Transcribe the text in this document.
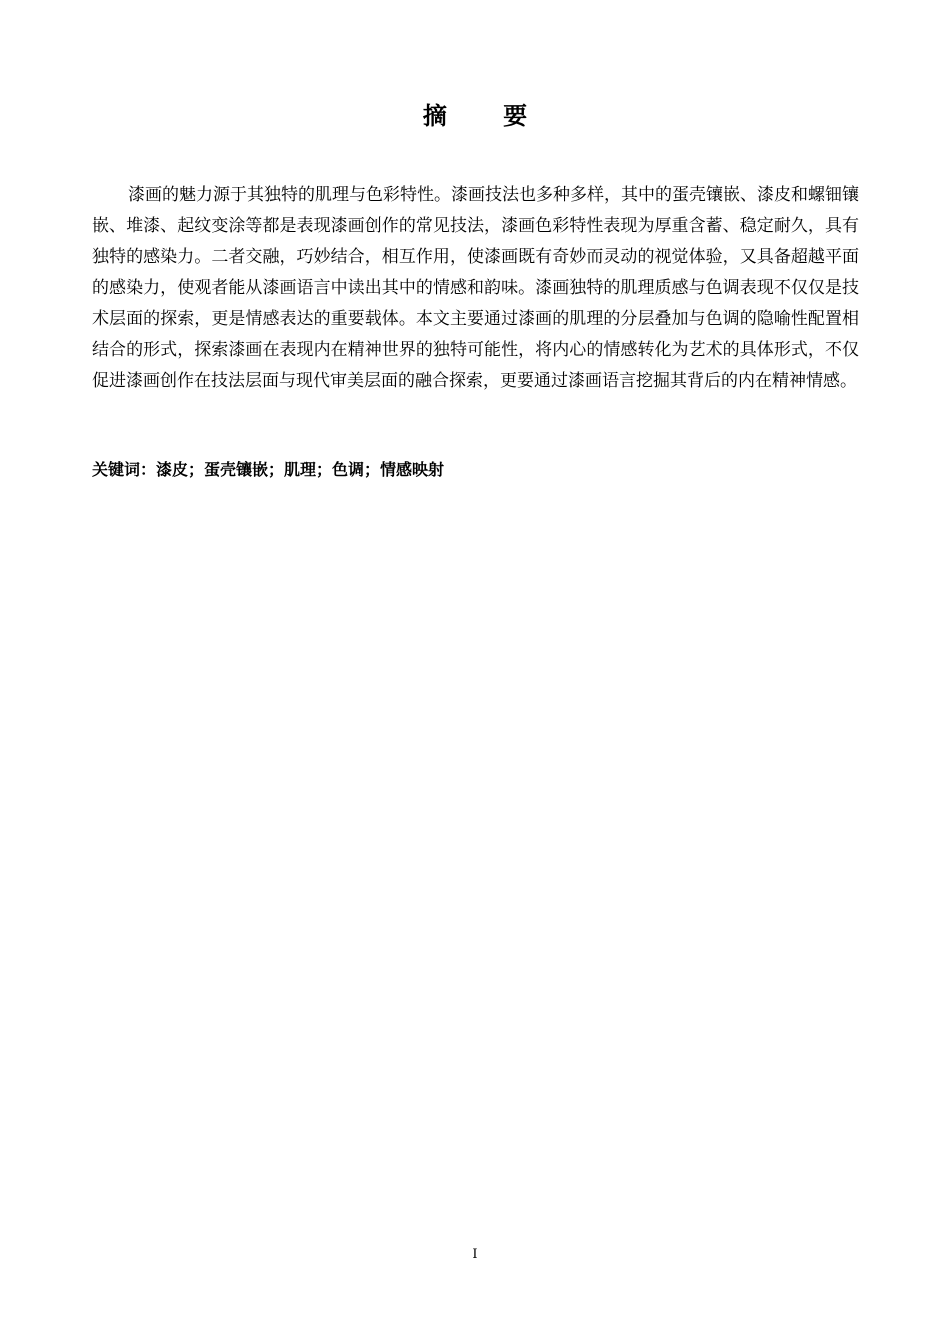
摘 要

漆画的魅力源于其独特的肌理与色彩特性。漆画技法也多种多样，其中的蛋壳镶嵌、漆皮和螺钿镶嵌、堆漆、起纹变涂等都是表现漆画创作的常见技法，漆画色彩特性表现为厚重含蓄、稳定耐久，具有独特的感染力。二者交融，巧妙结合，相互作用，使漆画既有奇妙而灵动的视觉体验，又具备超越平面的感染力，使观者能从漆画语言中读出其中的情感和韵味。漆画独特的肌理质感与色调表现不仅仅是技术层面的探索，更是情感表达的重要载体。本文主要通过漆画的肌理的分层叠加与色调的隐喻性配置相结合的形式，探索漆画在表现内在精神世界的独特可能性，将内心的情感转化为艺术的具体形式，不仅促进漆画创作在技法层面与现代审美层面的融合探索，更要通过漆画语言挖掘其背后的内在精神情感。

关键词：漆皮；蛋壳镶嵌；肌理；色调；情感映射
I
